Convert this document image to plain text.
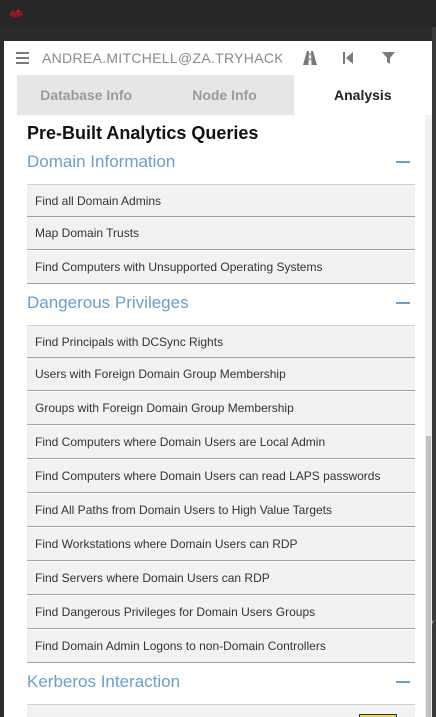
ANDREA.MITCHELL@ZA.TRYHACK
Database Info	Node Info	Analysis
Pre-Built Analytics Queries
Domain Information
Find all Domain Admins
Map Domain Trusts
Find Computers with Unsupported Operating Systems
Dangerous Privileges
Find Principals with DCSync Rights
Users with Foreign Domain Group Membership
Groups with Foreign Domain Group Membership
Find Computers where Domain Users are Local Admin
Find Computers where Domain Users can read LAPS passwords
Find All Paths from Domain Users to High Value Targets
Find Workstations where Domain Users can RDP
Find Servers where Domain Users can RDP
Find Dangerous Privileges for Domain Users Groups
Find Domain Admin Logons to non-Domain Controllers
Kerberos Interaction
